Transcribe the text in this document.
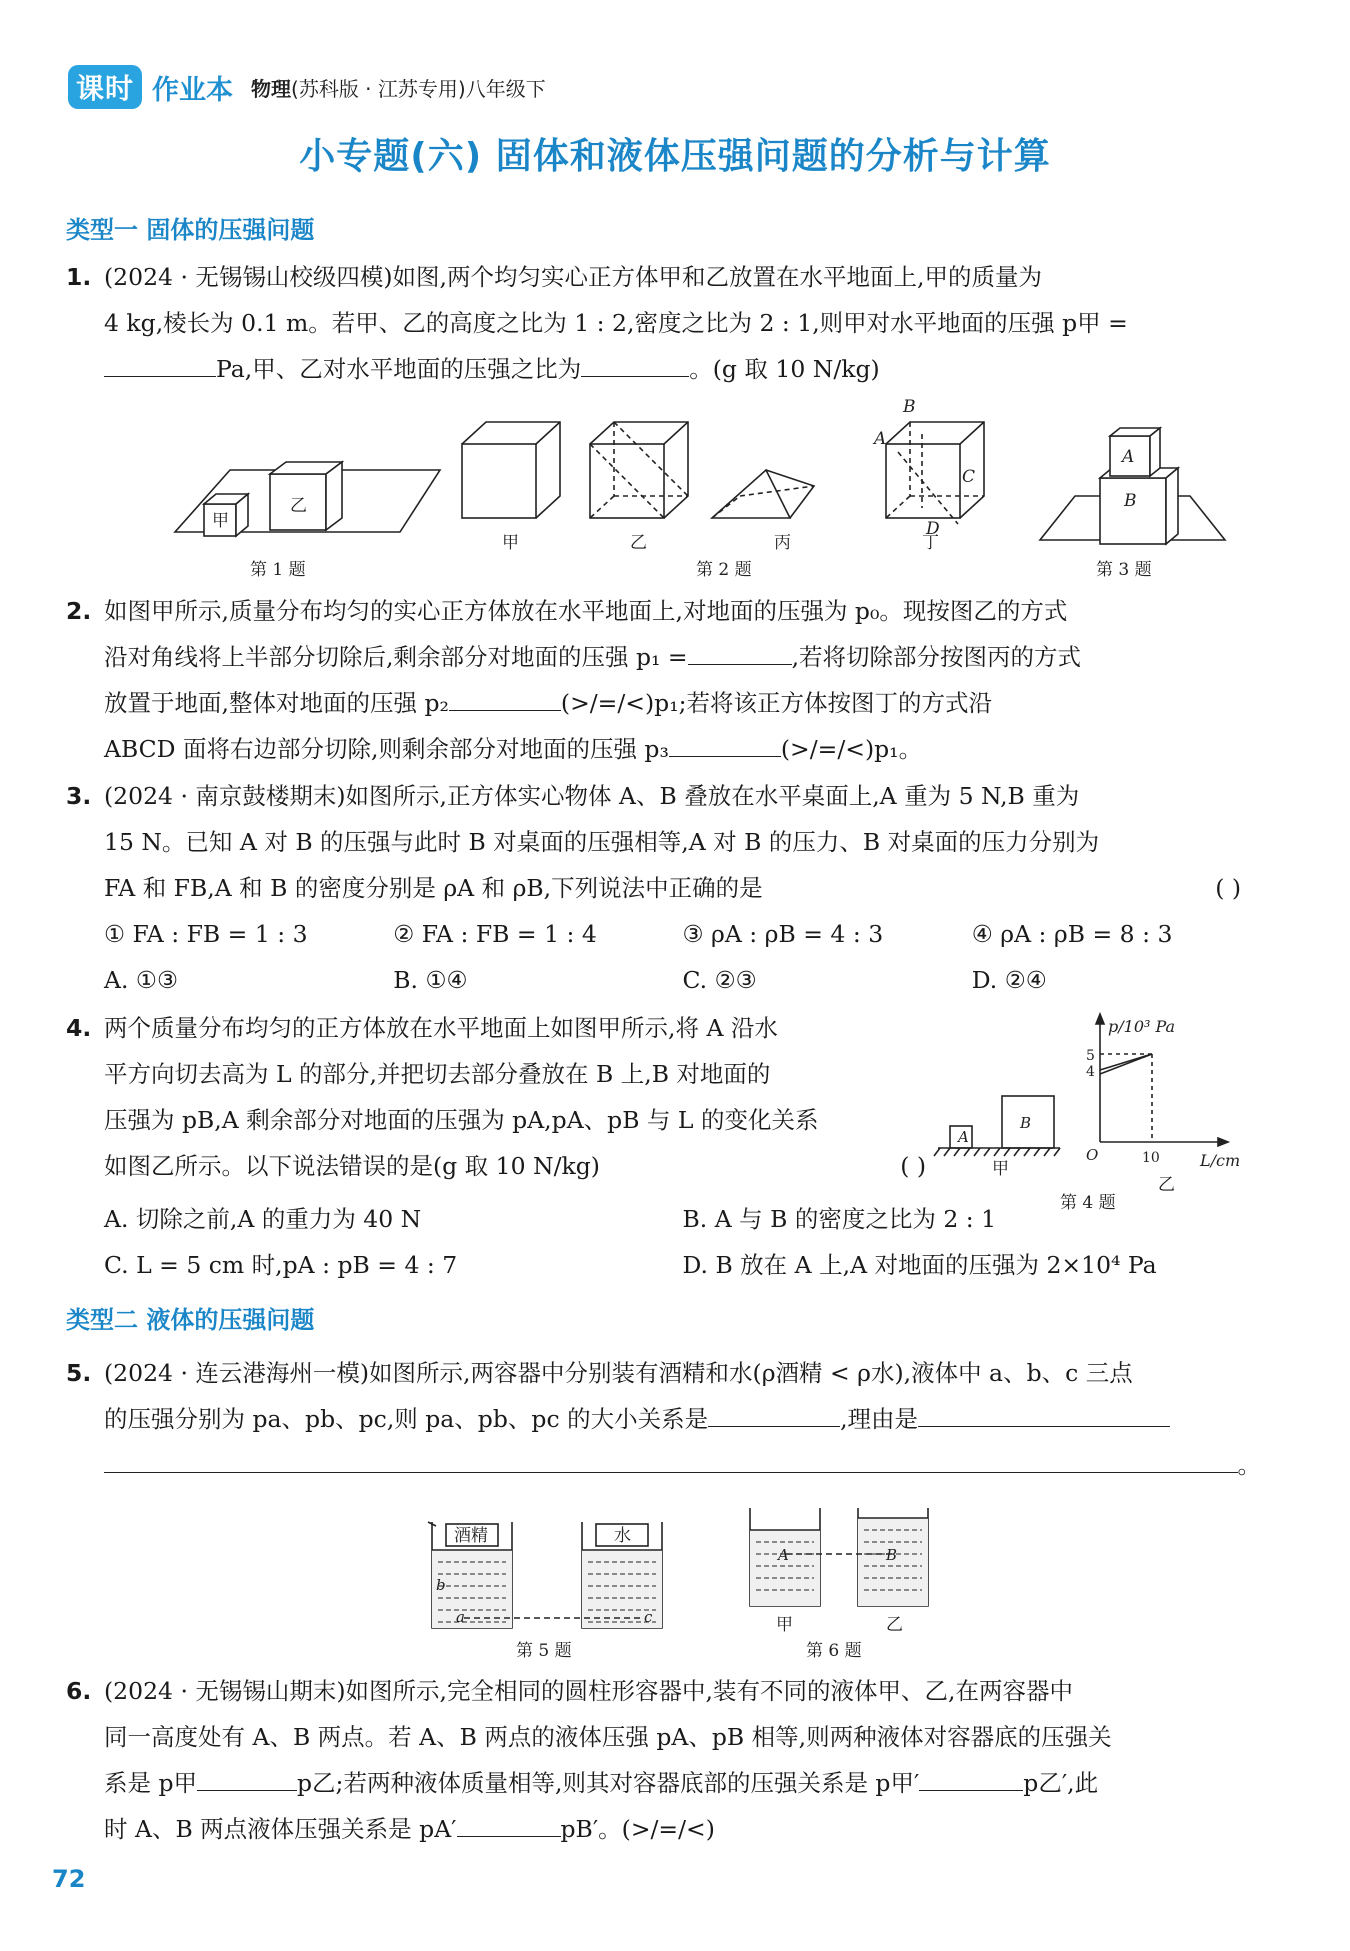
课时 作业本 物理(苏科版 · 江苏专用)八年级下
小专题(六) 固体和液体压强问题的分析与计算
类型一 固体的压强问题
1. (2024 · 无锡锡山校级四模)如图,两个均匀实心正方体甲和乙放置在水平地面上,甲的质量为
4 kg,棱长为 0.1 m。若甲、乙的高度之比为 1 : 2,密度之比为 2 : 1,则甲对水平地面的压强 p甲 =
Pa,甲、乙对水平地面的压强之比为	。(g 取 10 N/kg)
甲
乙
甲	乙	丙	丁
B
A
C
D
A
B
第 1 题	第 2 题	第 3 题
2. 如图甲所示,质量分布均匀的实心正方体放在水平地面上,对地面的压强为 p₀。现按图乙的方式
沿对角线将上半部分切除后,剩余部分对地面的压强 p₁ =	,若将切除部分按图丙的方式
放置于地面,整体对地面的压强 p₂	(>/=/<)p₁;若将该正方体按图丁的方式沿
ABCD 面将右边部分切除,则剩余部分对地面的压强 p₃	(>/=/<)p₁。
3. (2024 · 南京鼓楼期末)如图所示,正方体实心物体 A、B 叠放在水平桌面上,A 重为 5 N,B 重为
15 N。已知 A 对 B 的压强与此时 B 对桌面的压强相等,A 对 B 的压力、B 对桌面的压力分别为
FA 和 FB,A 和 B 的密度分别是 ρA 和 ρB,下列说法中正确的是	( )
① FA : FB = 1 : 3	② FA : FB = 1 : 4	③ ρA : ρB = 4 : 3	④ ρA : ρB = 8 : 3
A. ①③	B. ①④	C. ②③	D. ②④
4. 两个质量分布均匀的正方体放在水平地面上如图甲所示,将 A 沿水
平方向切去高为 L 的部分,并把切去部分叠放在 B 上,B 对地面的
压强为 pB,A 剩余部分对地面的压强为 pA,pA、pB 与 L 的变化关系
如图乙所示。以下说法错误的是(g 取 10 N/kg)	( )
A. 切除之前,A 的重力为 40 N	B. A 与 B 的密度之比为 2 : 1
C. L = 5 cm 时,pA : pB = 4 : 7	D. B 放在 A 上,A 对地面的压强为 2×10⁴ Pa
A
B
甲
乙
p/10³ Pa
L/cm
5
4
O	10
第 4 题
类型二 液体的压强问题
5. (2024 · 连云港海州一模)如图所示,两容器中分别装有酒精和水(ρ酒精 < ρ水),液体中 a、b、c 三点
的压强分别为 pa、pb、pc,则 pa、pb、pc 的大小关系是	,理由是
。
酒精	水
b
a	c
A	B
甲	乙
第 5 题	第 6 题
6. (2024 · 无锡锡山期末)如图所示,完全相同的圆柱形容器中,装有不同的液体甲、乙,在两容器中
同一高度处有 A、B 两点。若 A、B 两点的液体压强 pA、pB 相等,则两种液体对容器底的压强关
系是 p甲	p乙;若两种液体质量相等,则其对容器底部的压强关系是 p甲′	p乙′,此
时 A、B 两点液体压强关系是 pA′	pB′。(>/=/<)
72
